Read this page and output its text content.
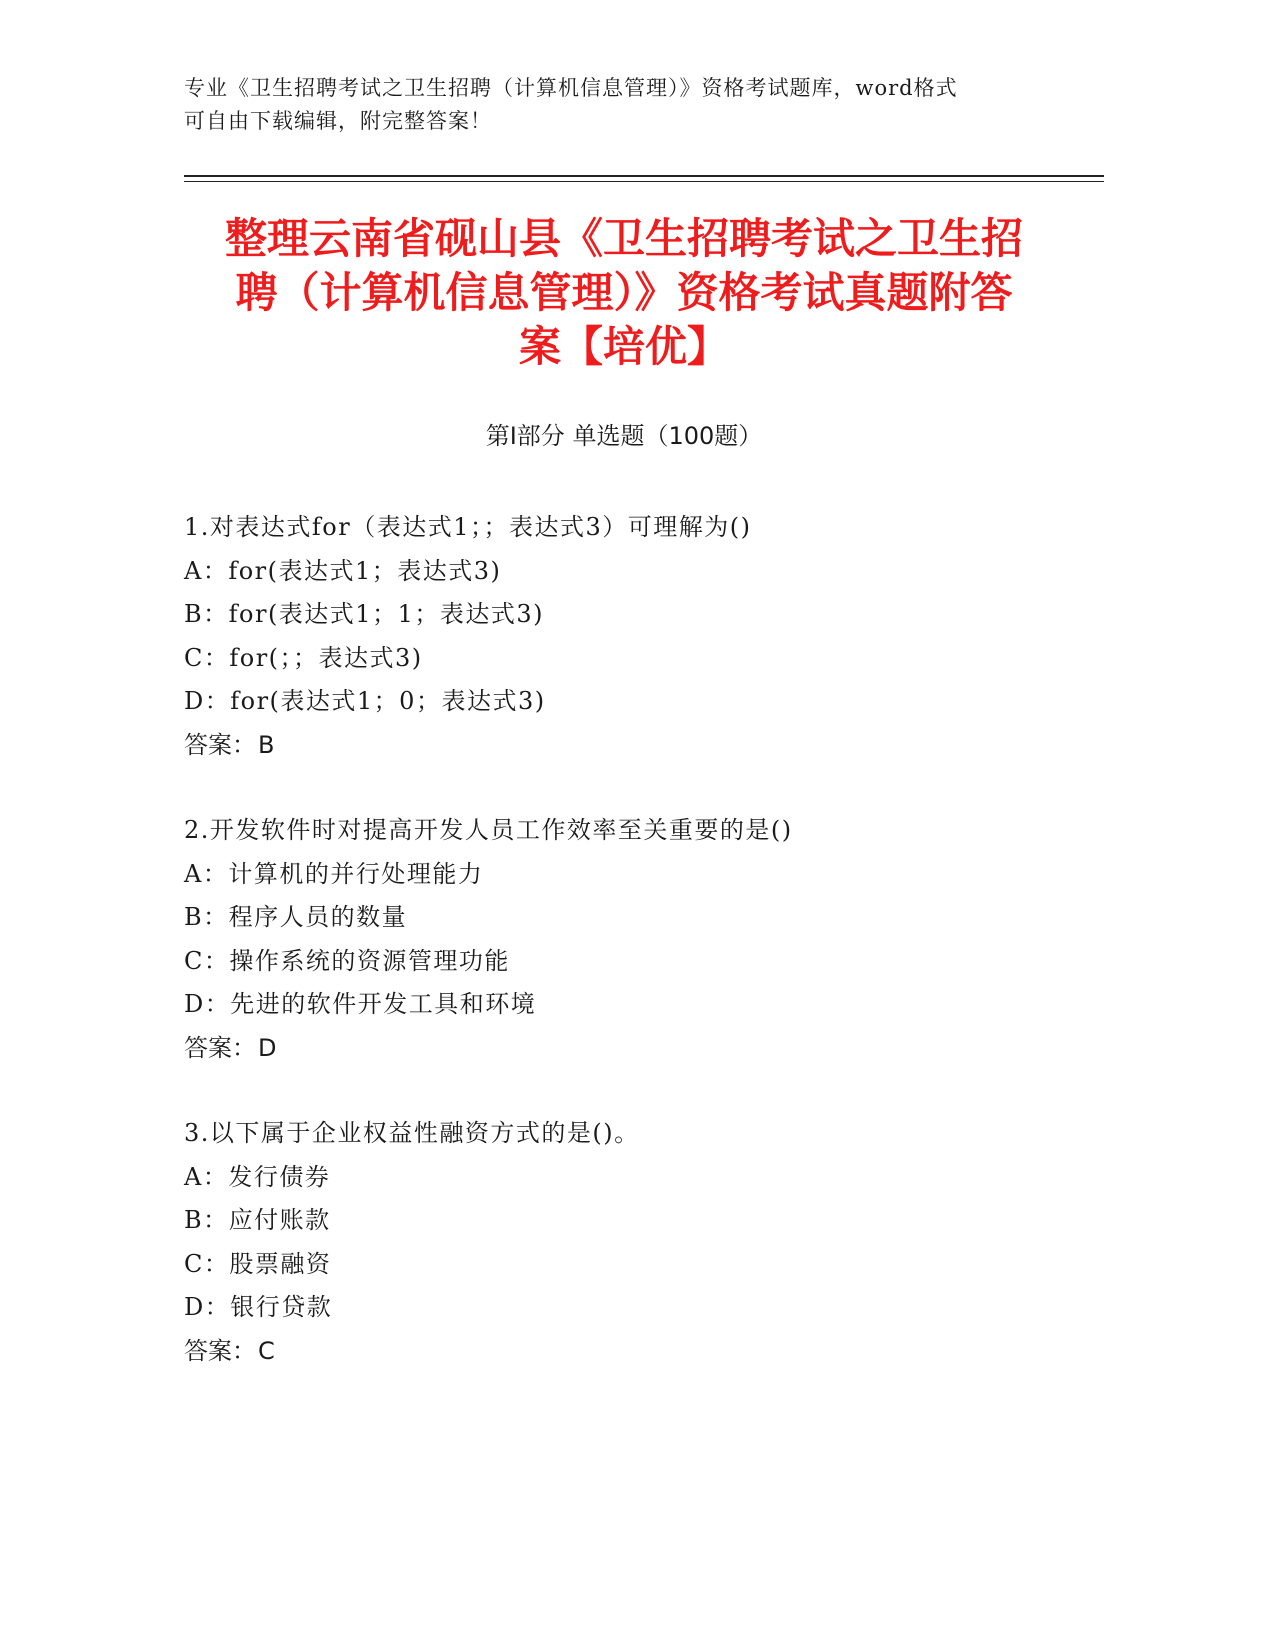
专业《卫生招聘考试之卫生招聘（计算机信息管理）》资格考试题库，word格式
可自由下载编辑，附完整答案！
整理云南省砚山县《卫生招聘考试之卫生招
聘（计算机信息管理）》资格考试真题附答
案【培优】
第Ⅰ部分 单选题（100题）
1.对表达式for（表达式1；；表达式3）可理解为()
A：for(表达式1；表达式3)
B：for(表达式1；1；表达式3)
C：for(；；表达式3)
D：for(表达式1；0；表达式3)
答案：B
2.开发软件时对提高开发人员工作效率至关重要的是()
A：计算机的并行处理能力
B：程序人员的数量
C：操作系统的资源管理功能
D：先进的软件开发工具和环境
答案：D
3.以下属于企业权益性融资方式的是()。
A：发行债券
B：应付账款
C：股票融资
D：银行贷款
答案：C
